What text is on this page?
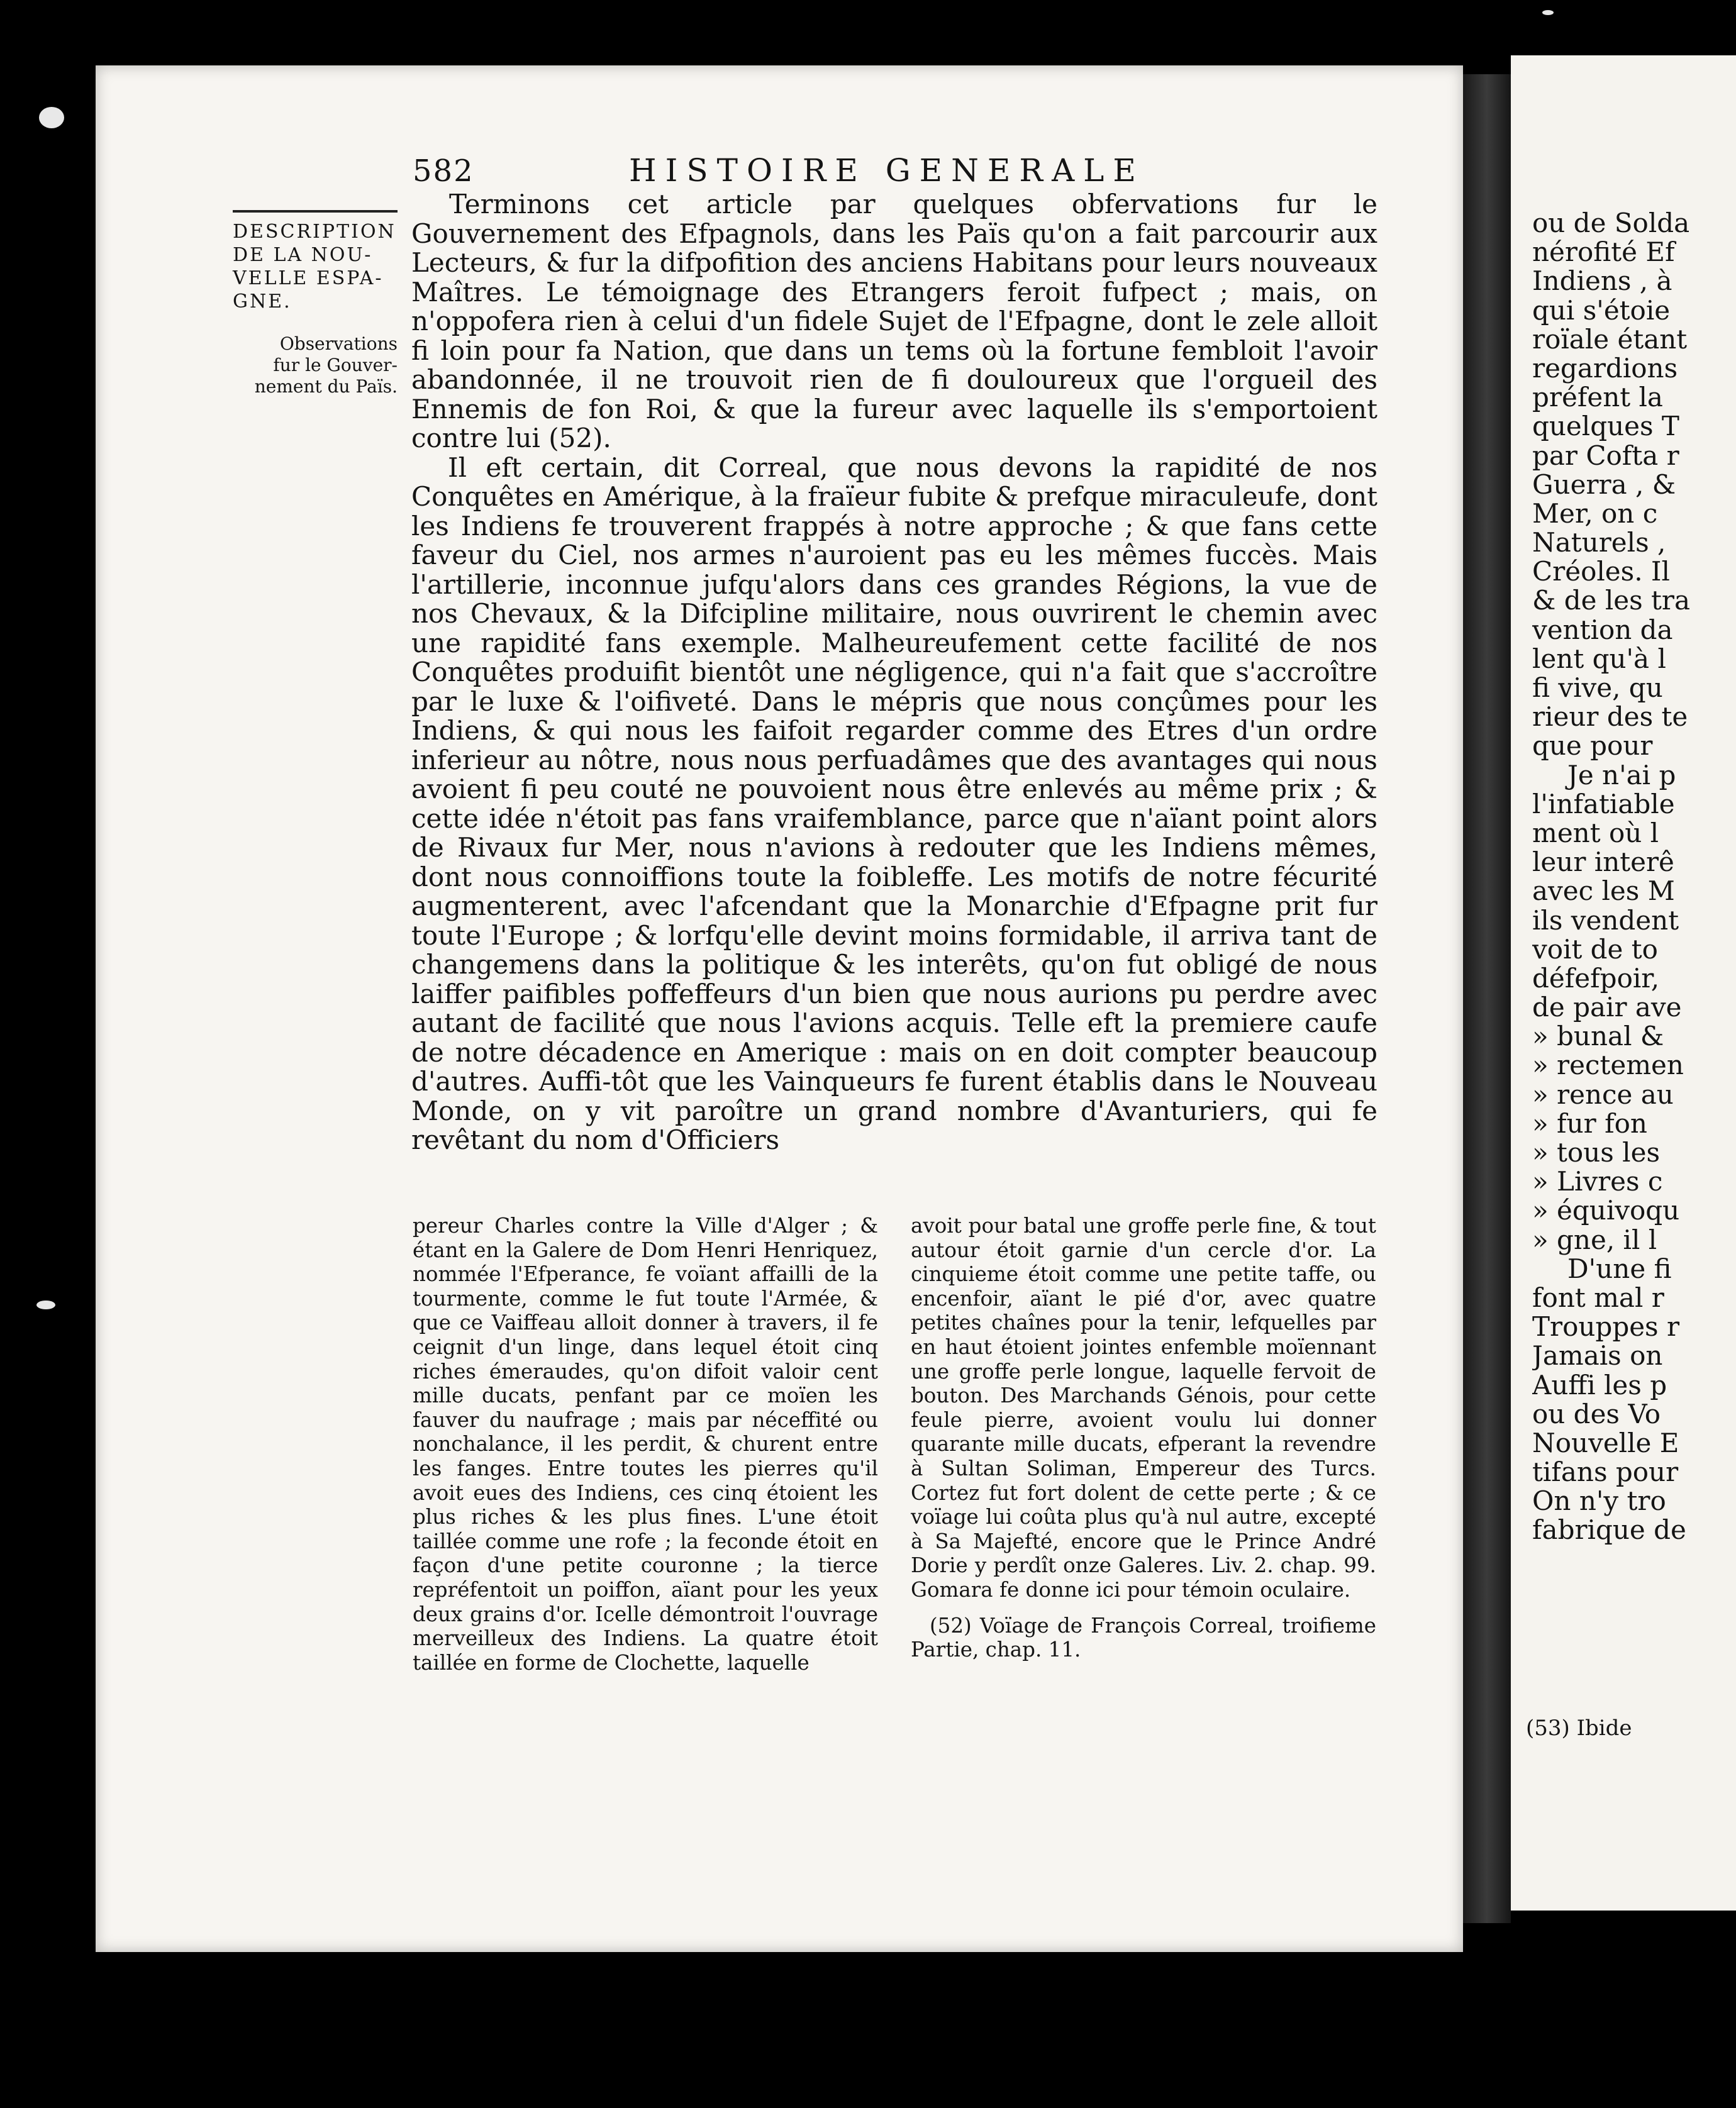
582	HISTOIRE GENERALE
DESCRIPTION
DE LA NOU-
VELLE ESPA-
GNE.
Observations
fur le Gouver-
nement du Païs.

Terminons cet article par quelques obfervations fur le Gouvernement des Efpagnols, dans les Païs qu'on a fait parcourir aux Lecteurs, & fur la difpofition des anciens Habitans pour leurs nouveaux Maîtres. Le témoignage des Etrangers feroit fufpect ; mais, on n'oppofera rien à celui d'un fidele Sujet de l'Efpagne, dont le zele alloit fi loin pour fa Nation, que dans un tems où la fortune fembloit l'avoir abandonnée, il ne trouvoit rien de fi douloureux que l'orgueil des Ennemis de fon Roi, & que la fureur avec laquelle ils s'emportoient contre lui (52).

Il eft certain, dit Correal, que nous devons la rapidité de nos Conquêtes en Amérique, à la fraïeur fubite & prefque miraculeufe, dont les Indiens fe trouverent frappés à notre approche ; & que fans cette faveur du Ciel, nos armes n'auroient pas eu les mêmes fuccès. Mais l'artillerie, inconnue jufqu'alors dans ces grandes Régions, la vue de nos Chevaux, & la Difcipline militaire, nous ouvrirent le chemin avec une rapidité fans exemple. Malheureufement cette facilité de nos Conquêtes produifit bientôt une négligence, qui n'a fait que s'accroître par le luxe & l'oifiveté. Dans le mépris que nous conçûmes pour les Indiens, & qui nous les faifoit regarder comme des Etres d'un ordre inferieur au nôtre, nous nous perfuadâmes que des avantages qui nous avoient fi peu couté ne pouvoient nous être enlevés au même prix ; & cette idée n'étoit pas fans vraifemblance, parce que n'aïant point alors de Rivaux fur Mer, nous n'avions à redouter que les Indiens mêmes, dont nous connoiffions toute la foibleffe. Les motifs de notre fécurité augmenterent, avec l'afcendant que la Monarchie d'Efpagne prit fur toute l'Europe ; & lorfqu'elle devint moins formidable, il arriva tant de changemens dans la politique & les interêts, qu'on fut obligé de nous laiffer paifibles poffeffeurs d'un bien que nous aurions pu perdre avec autant de facilité que nous l'avions acquis. Telle eft la premiere caufe de notre décadence en Amerique : mais on en doit compter beaucoup d'autres. Auffi-tôt que les Vainqueurs fe furent établis dans le Nouveau Monde, on y vit paroître un grand nombre d'Avanturiers, qui fe revêtant du nom d'Officiers

pereur Charles contre la Ville d'Alger ; & étant en la Galere de Dom Henri Henriquez, nommée l'Efperance, fe voïant affailli de la tourmente, comme le fut toute l'Armée, & que ce Vaiffeau alloit donner à travers, il fe ceignit d'un linge, dans lequel étoit cinq riches émeraudes, qu'on difoit valoir cent mille ducats, penfant par ce moïen les fauver du naufrage ; mais par néceffité ou nonchalance, il les perdit, & churent entre les fanges. Entre toutes les pierres qu'il avoit eues des Indiens, ces cinq étoient les plus riches & les plus fines. L'une étoit taillée comme une rofe ; la feconde étoit en façon d'une petite couronne ; la tierce repréfentoit un poiffon, aïant pour les yeux deux grains d'or. Icelle démontroit l'ouvrage merveilleux des Indiens. La quatre étoit taillée en forme de Clochette, laquelle

avoit pour batal une groffe perle fine, & tout autour étoit garnie d'un cercle d'or. La cinquieme étoit comme une petite taffe, ou encenfoir, aïant le pié d'or, avec quatre petites chaînes pour la tenir, lefquelles par en haut étoient jointes enfemble moïennant une groffe perle longue, laquelle fervoit de bouton. Des Marchands Génois, pour cette feule pierre, avoient voulu lui donner quarante mille ducats, efperant la revendre à Sultan Soliman, Empereur des Turcs. Cortez fut fort dolent de cette perte ; & ce voïage lui coûta plus qu'à nul autre, excepté à Sa Majefté, encore que le Prince André Dorie y perdît onze Galeres. Liv. 2. chap. 99. Gomara fe donne ici pour témoin oculaire.

(52) Voïage de François Correal, troifieme Partie, chap. 11.

ou de Solda
nérofité Ef
Indiens , à
qui s'étoie
roïale étant
regardions
préfent la
quelques T
par Cofta r
Guerra , &
Mer, on c
Naturels ,
Créoles. Il
& de les tra
vention da
lent qu'à l
fi vive, qu
rieur des te
que pour
Je n'ai p
l'infatiable
ment où l
leur interê
avec les M
ils vendent
voit de to
défefpoir,
de pair ave
» bunal &
» rectemen
» rence au
» fur fon
» tous les
» Livres c
» équivoqu
» gne, il l
D'une fi
font mal r
Trouppes r
Jamais on
Auffi les p
ou des Vo
Nouvelle E
tifans pour
On n'y tro
fabrique de
(53) Ibide
